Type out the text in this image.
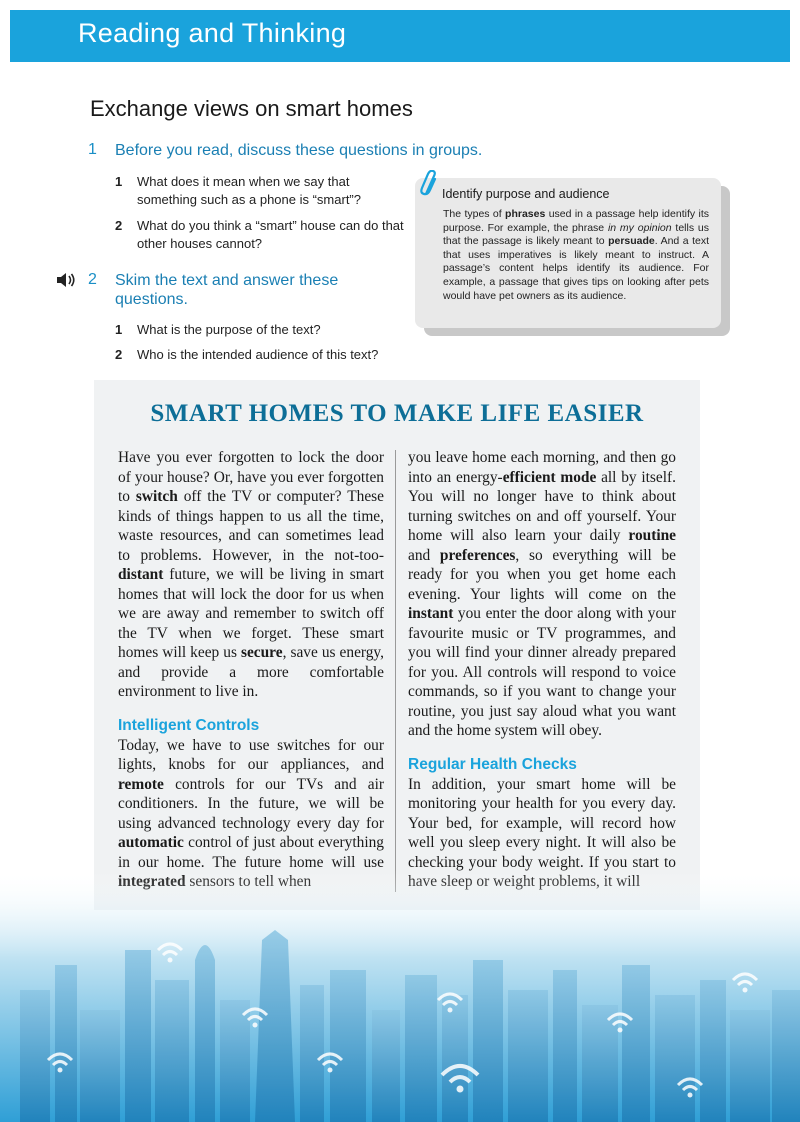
Reading and Thinking
Exchange views on smart homes
1 Before you read, discuss these questions in groups.
1 What does it mean when we say that something such as a phone is “smart”?
2 What do you think a “smart” house can do that other houses cannot?
2 Skim the text and answer these questions.
1 What is the purpose of the text?
2 Who is the intended audience of this text?
Identify purpose and audience
The types of phrases used in a passage help identify its purpose. For example, the phrase in my opinion tells us that the passage is likely meant to persuade. And a text that uses imperatives is likely meant to instruct. A passage’s content helps identify its audience. For example, a passage that gives tips on looking after pets would have pet owners as its audience.
SMART HOMES TO MAKE LIFE EASIER

Have you ever forgotten to lock the door of your house? Or, have you ever forgotten to switch off the TV or computer? These kinds of things happen to us all the time, waste resources, and can sometimes lead to problems. However, in the not-too-distant future, we will be living in smart homes that will lock the door for us when we are away and remember to switch off the TV when we forget. These smart homes will keep us secure, save us energy, and provide a more comfortable environment to live in.

Intelligent Controls

Today, we have to use switches for our lights, knobs for our appliances, and remote controls for our TVs and air conditioners. In the future, we will be using advanced technology every day for automatic control of just about everything in our home. The future home will use

you leave home each morning, and then go into an energy-efficient mode all by itself. You will no longer have to think about turning switches on and off yourself. Your home will also learn your daily routine and preferences, so everything will be ready for you when you get home each evening. Your lights will come on the instant you enter the door along with your favourite music or TV programmes, and you will find your dinner already prepared for you. All controls will respond to voice commands, so if you want to change your routine, you just say aloud what you want and the home system will obey.

Regular Health Checks

In addition, your smart home will be monitoring your health for you every day. Your bed, for example, will record how well you sleep every night. It will also be checking your body weight. If you start to
